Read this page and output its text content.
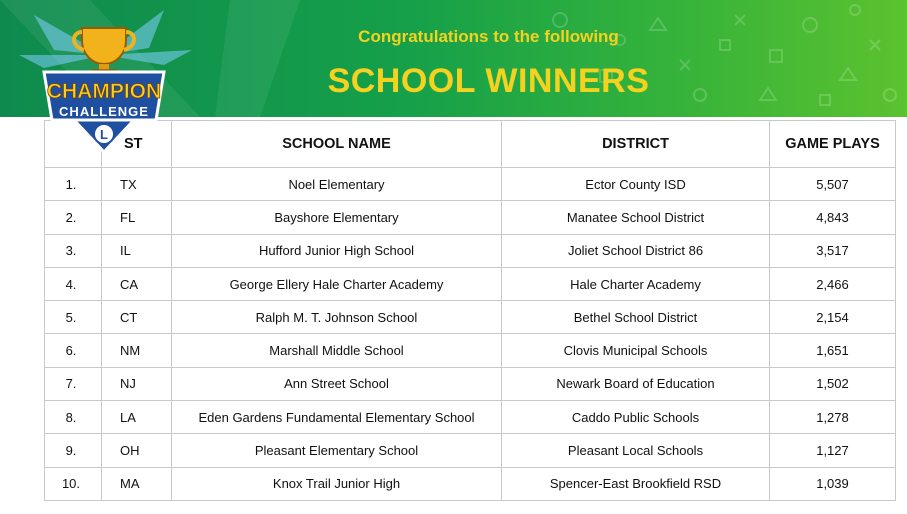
Congratulations to the following
SCHOOL WINNERS
CHAMPION
CHALLENGE
L
	ST	SCHOOL NAME	DISTRICT	GAME PLAYS
1.	TX	Noel Elementary	Ector County ISD	5,507
2.	FL	Bayshore Elementary	Manatee School District	4,843
3.	IL	Hufford Junior High School	Joliet School District 86	3,517
4.	CA	George Ellery Hale Charter Academy	Hale Charter Academy	2,466
5.	CT	Ralph M. T. Johnson School	Bethel School District	2,154
6.	NM	Marshall Middle School	Clovis Municipal Schools	1,651
7.	NJ	Ann Street School	Newark Board of Education	1,502
8.	LA	Eden Gardens Fundamental Elementary School	Caddo Public Schools	1,278
9.	OH	Pleasant Elementary School	Pleasant Local Schools	1,127
10.	MA	Knox Trail Junior High	Spencer-East Brookfield RSD	1,039
